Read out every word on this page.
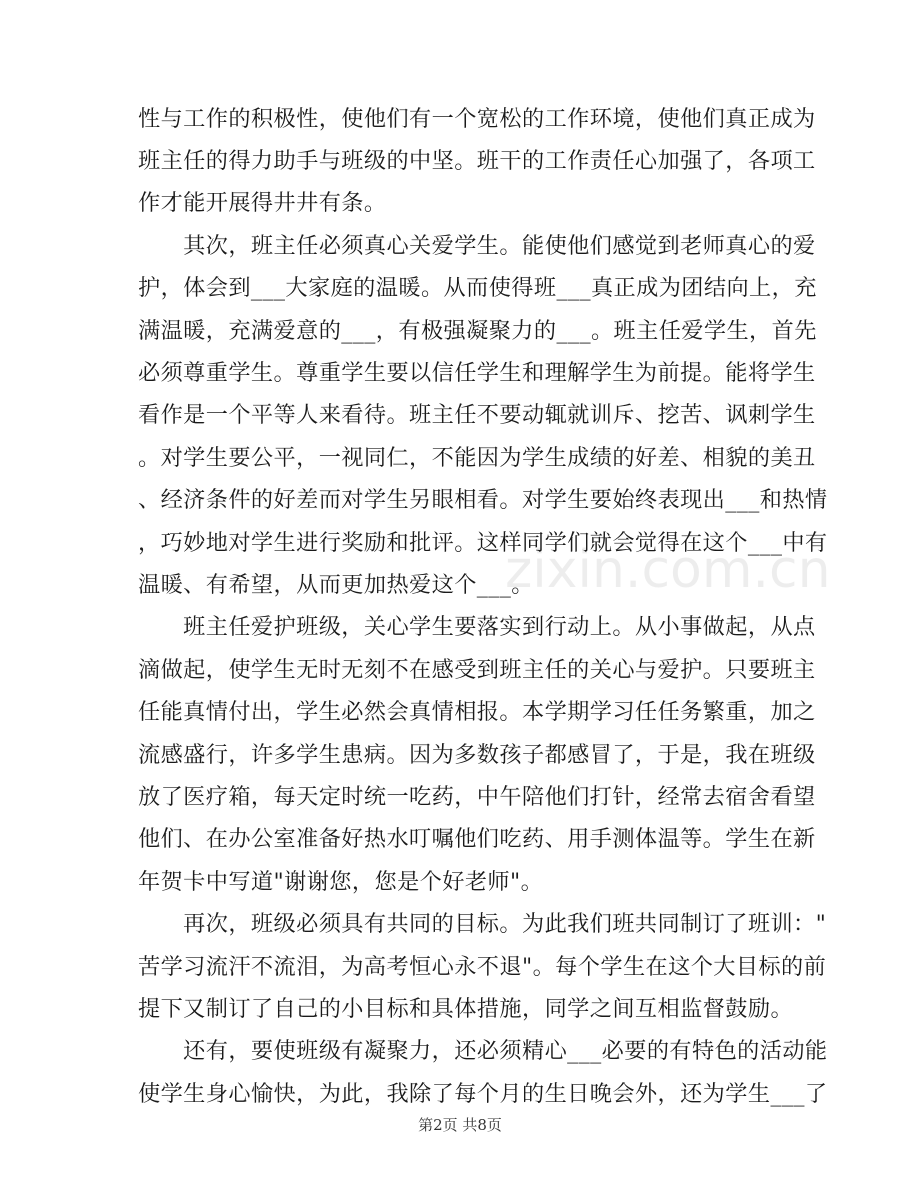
zixin.com.cn
性与工作的积极性，使他们有一个宽松的工作环境，使他们真正成为
班主任的得力助手与班级的中坚。班干的工作责任心加强了，各项工
作才能开展得井井有条。
　　其次，班主任必须真心关爱学生。能使他们感觉到老师真心的爱
护，体会到___大家庭的温暖。从而使得班___真正成为团结向上，充
满温暖，充满爱意的___，有极强凝聚力的___。班主任爱学生，首先
必须尊重学生。尊重学生要以信任学生和理解学生为前提。能将学生
看作是一个平等人来看待。班主任不要动辄就训斥、挖苦、讽刺学生
。对学生要公平，一视同仁，不能因为学生成绩的好差、相貌的美丑
、经济条件的好差而对学生另眼相看。对学生要始终表现出___和热情
，巧妙地对学生进行奖励和批评。这样同学们就会觉得在这个___中有
温暖、有希望，从而更加热爱这个___。
　　班主任爱护班级，关心学生要落实到行动上。从小事做起，从点
滴做起，使学生无时无刻不在感受到班主任的关心与爱护。只要班主
任能真情付出，学生必然会真情相报。本学期学习任任务繁重，加之
流感盛行，许多学生患病。因为多数孩子都感冒了，于是，我在班级
放了医疗箱，每天定时统一吃药，中午陪他们打针，经常去宿舍看望
他们、在办公室准备好热水叮嘱他们吃药、用手测体温等。学生在新
年贺卡中写道"谢谢您，您是个好老师"。
　　再次，班级必须具有共同的目标。为此我们班共同制订了班训："
苦学习流汗不流泪，为高考恒心永不退"。每个学生在这个大目标的前
提下又制订了自己的小目标和具体措施，同学之间互相监督鼓励。
　　还有，要使班级有凝聚力，还必须精心___必要的有特色的活动能
使学生身心愉快，为此，我除了每个月的生日晚会外，还为学生___了
第2页 共8页
